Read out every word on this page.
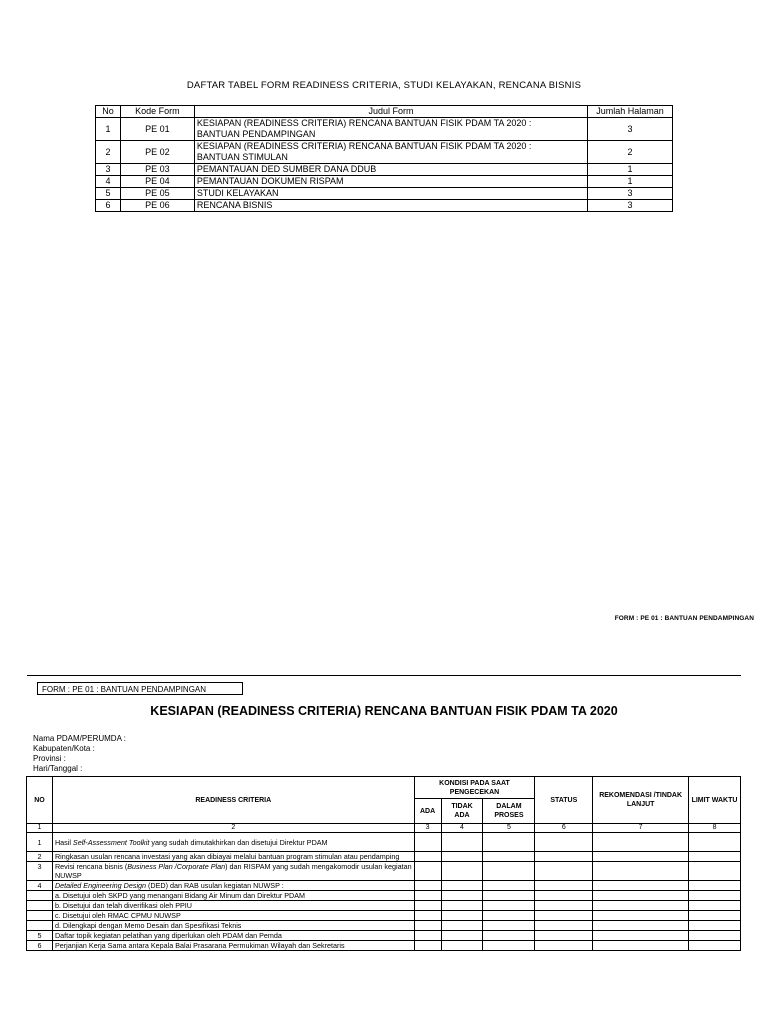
DAFTAR TABEL FORM READINESS CRITERIA, STUDI KELAYAKAN, RENCANA BISNIS
No	Kode Form	Judul Form	Jumlah Halaman
1	PE 01	KESIAPAN (READINESS CRITERIA) RENCANA BANTUAN FISIK PDAM TA 2020 :
BANTUAN PENDAMPINGAN	3
2	PE 02	KESIAPAN (READINESS CRITERIA) RENCANA BANTUAN FISIK PDAM TA 2020 :
BANTUAN STIMULAN	2
3	PE 03	PEMANTAUAN DED SUMBER DANA DDUB	1
4	PE 04	PEMANTAUAN DOKUMEN RISPAM	1
5	PE 05	STUDI KELAYAKAN	3
6	PE 06	RENCANA BISNIS	3
FORM : PE 01 : BANTUAN PENDAMPINGAN
FORM : PE 01 : BANTUAN PENDAMPINGAN
KESIAPAN (READINESS CRITERIA) RENCANA BANTUAN FISIK PDAM TA 2020
Nama PDAM/PERUMDA :
Kabupaten/Kota :
Provinsi :
Hari/Tanggal :
NO	READINESS CRITERIA	KONDISI PADA SAAT PENGECEKAN			STATUS	REKOMENDASI /TINDAK LANJUT	LIMIT WAKTU
		ADA	TIDAK ADA	DALAM PROSES			
1	2	3	4	5	6	7	8
1	Hasil Self-Assessment Toolkit yang sudah dimutakhirkan dan disetujui Direktur PDAM						
2	Ringkasan usulan rencana investasi yang akan dibiayai melalui bantuan program stimulan atau pendamping						
3	Revisi rencana bisnis (Business Plan /Corporate Plan) dan RISPAM yang sudah mengakomodir usulan kegiatan NUWSP						
4	Detailed Engineering Design (DED) dan RAB usulan kegiatan NUWSP :						
	a. Disetujui oleh SKPD yang menangani Bidang Air Minum dan Direktur PDAM						
	b. Disetujui dan telah diverifikasi oleh PPIU						
	c. Disetujui oleh RMAC CPMU NUWSP						
	d. Dilengkapi dengan Memo Desain dan Spesifikasi Teknis						
5	Daftar topik kegiatan pelatihan yang diperlukan oleh PDAM dan Pemda						
6	Perjanjian Kerja Sama antara Kepala Balai Prasarana Permukiman Wilayah dan Sekretaris						
